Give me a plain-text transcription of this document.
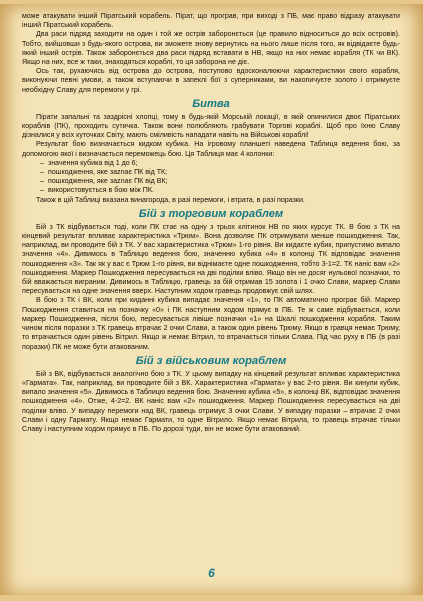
може атакувати інший Піратський корабель. Пірат, що програв, при виході з ПБ, має право відразу атакувати інший Піратський корабель.

Два раси підряд заходити на один і той же острів заборонється (це правило відноситься до всіх островів). Тобто, вийшовши з будь-якого острова, ви зможете знову вернутись на нього лише після того, як відвідаєте будь-який інший острів. Також заборонється два раси підряд вставати в НВ, якщо на них немає корабля (ТК чи ВК). Якщо на них, все ж таки, знаходяться кораблі, то ця заборона не діє.

Ось так, рухаючись від острова до острова, поступово вдосконалюючи характеристики свого корабля, виконуючи певні умови, а також вступаючи в запеклі бої з суперниками, ви накопичуєте золото і отримуєте необхідну Славу для перемоги у грі.

Битва

Пірати запальні та заздрісні хлопці, тому в будь-якій Морській локації, в якій опинилися двоє Піратських кораблів (ПК), проходить сутичка. Також вони полюбляють грабувати Торгові кораблі. Щоб про їхню Славу дізналися у всіх куточках Світу, мають сміливість нападати навіть на Військові кораблі!

Результат бою визначається кидком кубика. На ігровому планшеті наведена Таблиця ведення бою, за допомогою якої і визначається переможець бою. Ця Таблиця має 4 колонки:

– значення кубика від 1 до 6;
– пошкодження, яке заznaє ПК від ТК;
– пошкодження, яке заznaє ПК від ВК;
– використовується в бою між ПК.

Також в цій Таблиці вказана винагорода, в разі перемоги, і втрата, в разі поразки.

Бій з торговим кораблем

Бій з ТК відбувається тоді, коли ПК стає на одну з трьох клітинок НВ по яких курсує ТК. В бою з ТК на кінцевий результат впливає характеристика «Трюм». Вона дозволяє ПК отримувати менше пошкодження. Так, наприклад, ви проводите бій з ТК. У вас характеристика «Трюм» 1-го рівня. Ви кидаєте кубик, припустимо випало значення «4». Дивимось в Таблицю ведення бою, значенню кубика «4» в колонці ТК відповідає значення пошкодження «3». Так як у вас є Трюм 1-го рівня, ви віднімаєте одне пошкодження, тобто 3-1=2. ТК наніс вам «2» пошкодження. Маркер Пошкодження пересувається на дві поділки вліво. Якщо він не досяг нульової позначки, то бій вважається виграним. Дивимось в Таблицю, гравець за бій отримав 15 золота і 1 очко Слави, маркер Слави пересувається на одне значення вверх. Наступним ходом гравець продовжує свій шлях.

В бою з ТК і ВК, коли при киданні кубика випадає значення «1», то ПК автоматично програє бій. Маркер Пошкодження ставиться на позначку «0» і ПК наступним ходом прямує в ПБ. Те ж саме відбувається, коли маркер Пошкодження, після бою, пересувається лівіше позначки «1» на Шкалі пошкодження корабля. Таким чином після поразки з ТК гравець втрачає 2 очки Слави, а також один рівень Трюму. Якщо в гравця немає Трюму, то втрачається один рівень Вітрил. Якщо ж немає Вітрил, то втрачається тільки Слава. Під час руху в ПБ (в разі поразки) ПК не може бути атакованим.

Бій з військовим кораблем

Бій з ВК, відбувається аналогічно бою з ТК. У цьому випадку на кінцевий результат впливає характеристика «Гармата». Так, наприклад, ви проводите бій з ВК. Характеристика «Гармата» у вас 2-го рівня. Ви кинули кубик, випало значення «5». Дивимось в Таблицю ведення бою. Значенню кубика «5», в колонці ВК, відповідає значення пошкодження «4». Отже, 4-2=2. ВК наніс вам «2» пошкодження. Маркер Пошкодження пересувається на дві поділки вліво. У випадку перемоги над ВК, гравець отримує 3 очки Слави. У випадку поразки – втрачає 2 очки Слави і одну Гармату. Якщо немає Гармати, то одне Вітрило. Якщо немає Вітрила, то гравець втрачає тільки Славу і наступним ходом прямує в ПБ. По дорозі туди, він не може бути атакований.

6
